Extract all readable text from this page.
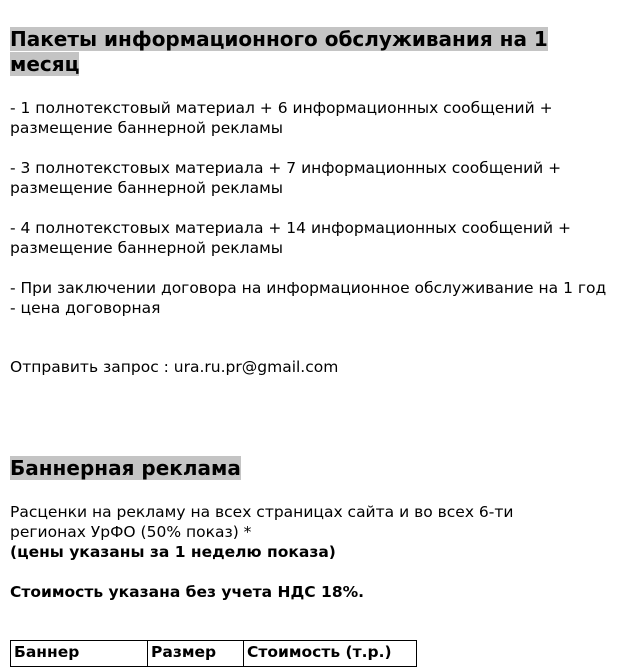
Пакеты информационного обслуживания на 1 месяц

- 1 полнотекстовый материал + 6 информационных сообщений + размещение баннерной рекламы

- 3 полнотекстовых материала + 7 информационных сообщений + размещение баннерной рекламы

- 4 полнотекстовых материала + 14 информационных сообщений + размещение баннерной рекламы

- При заключении договора на информационное обслуживание на 1 год - цена договорная

Отправить запрос : ura.ru.pr@gmail.com

Баннерная реклама

Расценки на рекламу на всех страницах сайта и во всех 6-ти регионах УрФО (50% показ) *

(цены указаны за 1 неделю показа)

Стоимость указана без учета НДС 18%.

Баннер	Размер	Стоимость (т.р.)
